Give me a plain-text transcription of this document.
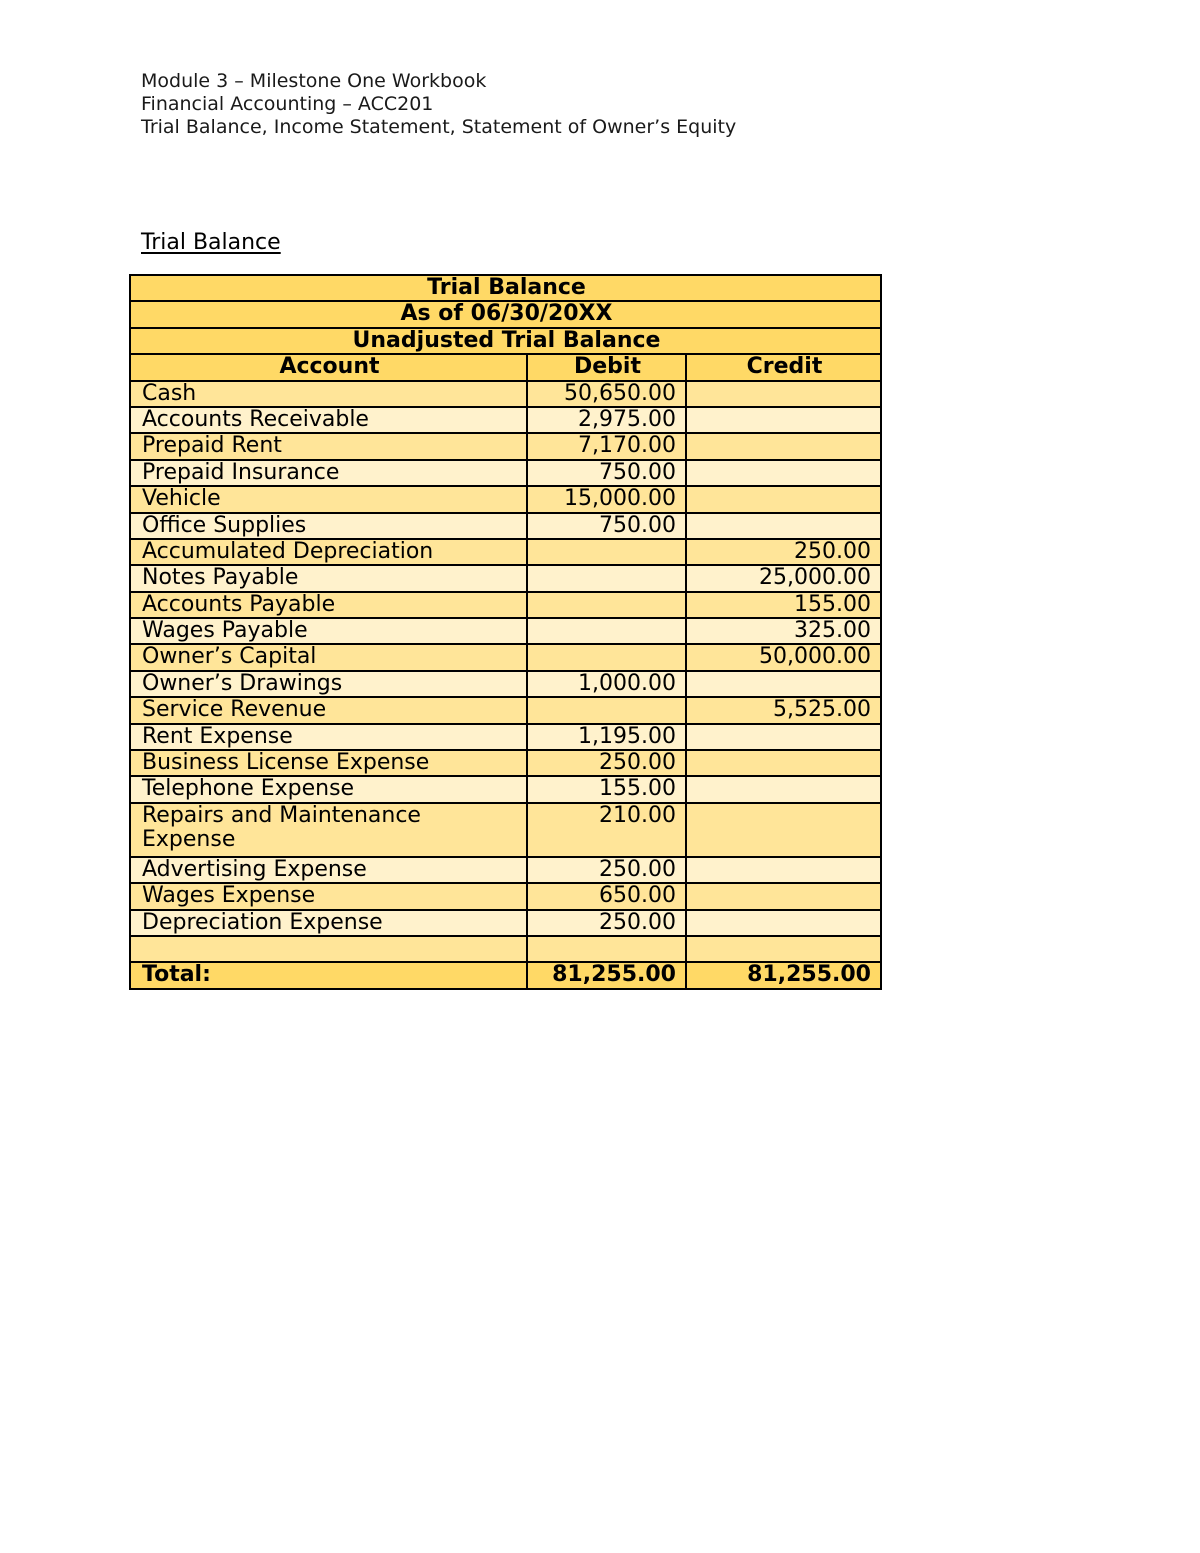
Module 3 – Milestone One Workbook
Financial Accounting – ACC201
Trial Balance, Income Statement, Statement of Owner’s Equity
Trial Balance
Trial Balance		
As of 06/30/20XX		
Unadjusted Trial Balance		
Account	Debit	Credit
Cash	50,650.00	
Accounts Receivable	2,975.00	
Prepaid Rent	7,170.00	
Prepaid Insurance	750.00	
Vehicle	15,000.00	
Office Supplies	750.00	
Accumulated Depreciation		250.00
Notes Payable		25,000.00
Accounts Payable		155.00
Wages Payable		325.00
Owner’s Capital		50,000.00
Owner’s Drawings	1,000.00	
Service Revenue		5,525.00
Rent Expense	1,195.00	
Business License Expense	250.00	
Telephone Expense	155.00	
Repairs and Maintenance Expense	210.00	
Advertising Expense	250.00	
Wages Expense	650.00	
Depreciation Expense	250.00	

Total:	81,255.00	81,255.00
